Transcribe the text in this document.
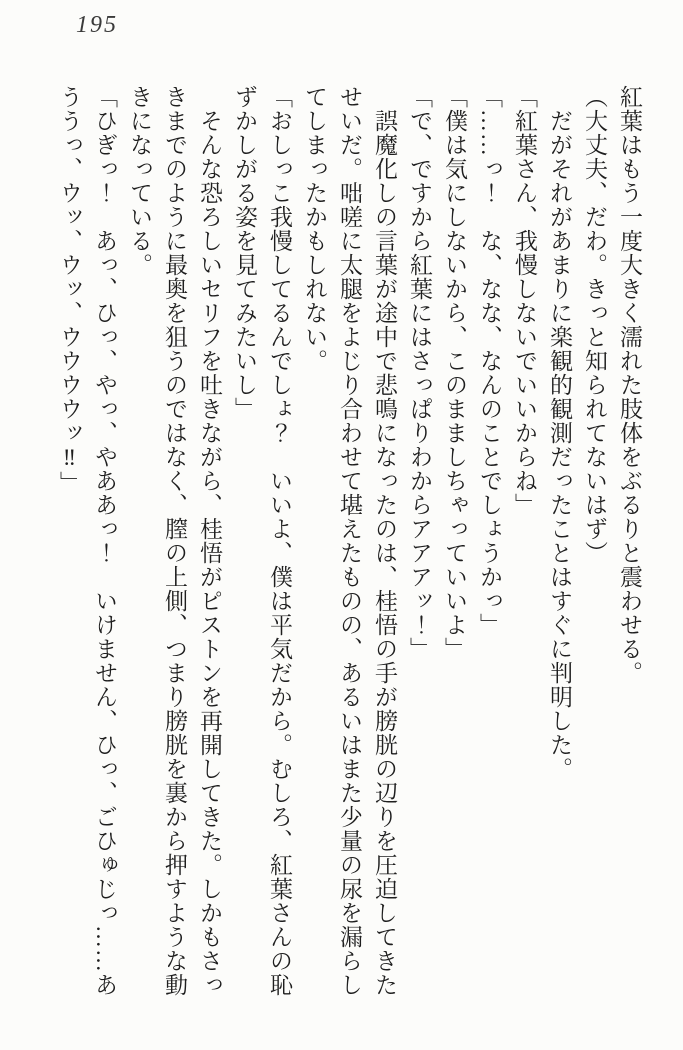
195

紅葉はもう一度大きく濡れた肢体をぶるりと震わせる。

（大丈夫、だわ。きっと知られてないはず）

だがそれがあまりに楽観的観測だったことはすぐに判明した。

「紅葉さん、我慢しないでいいからね」

「……っ！　な、なな、なんのことでしょうかっ」

「僕は気にしないから、このまましちゃっていいよ」

「で、ですから紅葉にはさっぱりわからアアアッ！」

誤魔化しの言葉が途中で悲鳴になったのは、桂悟の手が膀胱の辺りを圧迫してきた

せいだ。咄嗟に太腿をよじり合わせて堪えたものの、あるいはまた少量の尿を漏らし

てしまったかもしれない。

「おしっこ我慢してるんでしょ？　いいよ、僕は平気だから。むしろ、紅葉さんの恥

ずかしがる姿を見てみたいし」

そんな恐ろしいセリフを吐きながら、桂悟がピストンを再開してきた。しかもさっ

きまでのように最奥を狙うのではなく、膣の上側、つまり膀胱を裏から押すような動

きになっている。

「ひぎっ！　あっ、ひっ、やっ、やああっ！　いけません、ひっ、ごひゅじっ……あ

ううっ、ウッ、ウッ、ウウウウッ‼」
